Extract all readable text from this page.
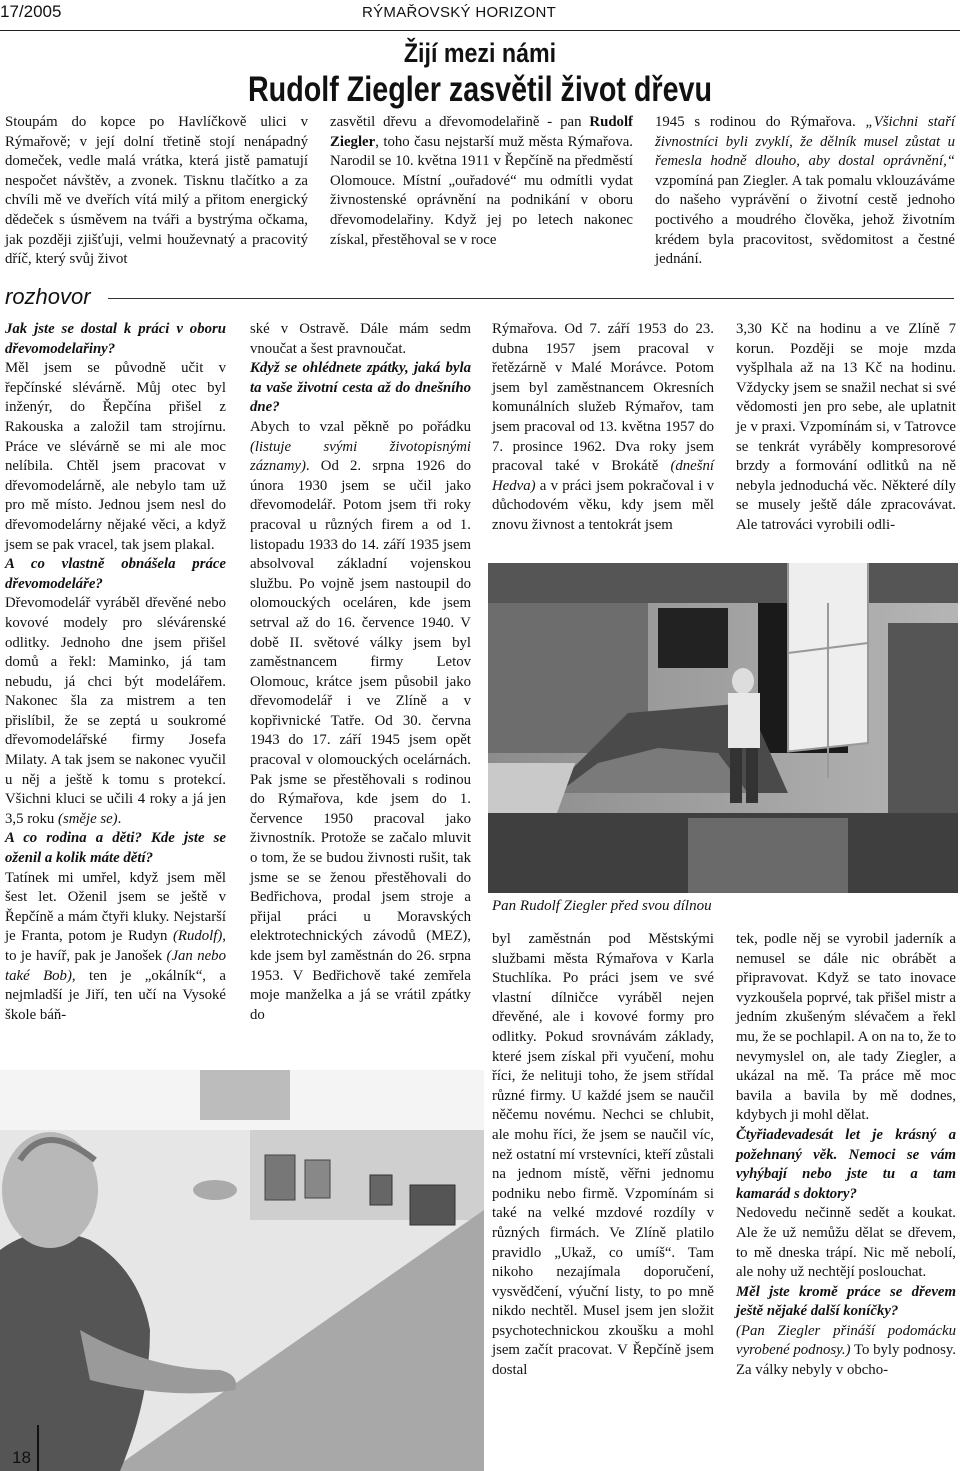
17/2005	RÝMAŘOVSKÝ HORIZONT
Žijí mezi námi
Rudolf Ziegler zasvětil život dřevu

Stoupám do kopce po Havlíčkově ulici v Rýmařově; v její dolní třetině stojí nenápadný domeček, vedle malá vrátka, která jistě pamatují nespočet návštěv, a zvonek. Tisknu tlačítko a za chvíli mě ve dveřích vítá milý a přitom energický dědeček s úsměvem na tváři a bystrýma očkama, jak později zjišťuji, velmi houževnatý a pracovitý dříč, který svůj život

zasvětil dřevu a dřevomodelařině - pan Rudolf Ziegler, toho času nejstarší muž města Rýmařova. Narodil se 10. května 1911 v Řepčíně na předměstí Olomouce. Místní „ouřadové“ mu odmítli vydat živnostenské oprávnění na podnikání v oboru dřevomodelařiny. Když jej po letech nakonec získal, přestěhoval se v roce

1945 s rodinou do Rýmařova. „Všichni staří živnostníci byli zvyklí, že dělník musel zůstat u řemesla hodně dlouho, aby dostal oprávnění,“ vzpomíná pan Ziegler. A tak pomalu vklouzáváme do našeho vyprávění o životní cestě jednoho poctivého a moudrého člověka, jehož životním krédem byla pracovitost, svědomitost a čestné jednání.

rozhovor

Jak jste se dostal k práci v oboru dřevomodelařiny?

Měl jsem se původně učit v řepčínské slévárně. Můj otec byl inženýr, do Řepčína přišel z Rakouska a založil tam strojírnu. Práce ve slévárně se mi ale moc nelíbila. Chtěl jsem pracovat v dřevomodelárně, ale nebylo tam už pro mě místo. Jednou jsem nesl do dřevomodelárny nějaké věci, a když jsem se pak vracel, tak jsem plakal.

A co vlastně obnášela práce dřevomodeláře?

Dřevomodelář vyráběl dřevěné nebo kovové modely pro slévárenské odlitky. Jednoho dne jsem přišel domů a řekl: Maminko, já tam nebudu, já chci být modelářem. Nakonec šla za mistrem a ten přislíbil, že se zeptá u soukromé dřevomodelářské firmy Josefa Milaty. A tak jsem se nakonec vyučil u něj a ještě k tomu s protekcí. Všichni kluci se učili 4 roky a já jen 3,5 roku (směje se).

A co rodina a děti? Kde jste se oženil a kolik máte dětí?

Tatínek mi umřel, když jsem měl šest let. Oženil jsem se ještě v Řepčíně a mám čtyři kluky. Nejstarší je Franta, potom je Rudyn (Rudolf), to je havíř, pak je Janošek (Jan nebo také Bob), ten je „okálník“, a nejmladší je Jiří, ten učí na Vysoké škole báň-

ské v Ostravě. Dále mám sedm vnoučat a šest pravnoučat.

Když se ohlédnete zpátky, jaká byla ta vaše životní cesta až do dnešního dne?

Abych to vzal pěkně po pořádku (listuje svými životopisnými záznamy). Od 2. srpna 1926 do února 1930 jsem se učil jako dřevomodelář. Potom jsem tři roky pracoval u různých firem a od 1. listopadu 1933 do 14. září 1935 jsem absolvoval základní vojenskou službu. Po vojně jsem nastoupil do olomouckých oceláren, kde jsem setrval až do 16. července 1940. V době II. světové války jsem byl zaměstnancem firmy Letov Olomouc, krátce jsem působil jako dřevomodelář i ve Zlíně a v kopřivnické Tatře. Od 30. června 1943 do 17. září 1945 jsem opět pracoval v olomouckých ocelárnách. Pak jsme se přestěhovali s rodinou do Rýmařova, kde jsem do 1. července 1950 pracoval jako živnostník. Protože se začalo mluvit o tom, že se budou živnosti rušit, tak jsme se se ženou přestěhovali do Bedřichova, prodal jsem stroje a přijal práci u Moravských elektrotechnických závodů (MEZ), kde jsem byl zaměstnán do 26. srpna 1953. V Bedřichově také zemřela moje manželka a já se vrátil zpátky do

Rýmařova. Od 7. září 1953 do 23. dubna 1957 jsem pracoval v řetězárně v Malé Morávce. Potom jsem byl zaměstnancem Okresních komunálních služeb Rýmařov, tam jsem pracoval od 13. května 1957 do 7. prosince 1962. Dva roky jsem pracoval také v Brokátě (dnešní Hedva) a v práci jsem pokračoval i v důchodovém věku, kdy jsem měl znovu živnost a tentokrát jsem

3,30 Kč na hodinu a ve Zlíně 7 korun. Později se moje mzda vyšplhala až na 13 Kč na hodinu. Vždycky jsem se snažil nechat si své vědomosti jen pro sebe, ale uplatnit je v praxi. Vzpomínám si, v Tatrovce se tenkrát vyráběly kompresorové brzdy a formování odlitků na ně nebyla jednoduchá věc. Některé díly se musely ještě dále zpracovávat. Ale tatrováci vyrobili odli-

Pan Rudolf Ziegler před svou dílnou

byl zaměstnán pod Městskými službami města Rýmařova v Karla Stuchlíka. Po práci jsem ve své vlastní dílničce vyráběl nejen dřevěné, ale i kovové formy pro odlitky. Pokud srovnávám základy, které jsem získal při vyučení, mohu říci, že nelituji toho, že jsem střídal různé firmy. U každé jsem se naučil něčemu novému. Nechci se chlubit, ale mohu říci, že jsem se naučil víc, než ostatní mí vrstevníci, kteří zůstali na jednom místě, věřni jednomu podniku nebo firmě. Vzpomínám si také na velké mzdové rozdíly v různých firmách. Ve Zlíně platilo pravidlo „Ukaž, co umíš“. Tam nikoho nezajímala doporučení, vysvědčení, výuční listy, to po mně nikdo nechtěl. Musel jsem jen složit psychotechnickou zkoušku a mohl jsem začít pracovat. V Řepčíně jsem dostal

tek, podle něj se vyrobil jaderník a nemusel se dále nic obrábět a připravovat. Když se tato inovace vyzkoušela poprvé, tak přišel mistr a jedním zkušeným slévačem a řekl mu, že se pochlapil. A on na to, že to nevymyslel on, ale tady Ziegler, a ukázal na mě. Ta práce mě moc bavila a bavila by mě dodnes, kdybych ji mohl dělat.

Čtyřiadevadesát let je krásný a požehnaný věk. Nemoci se vám vyhýbají nebo jste tu a tam kamarád s doktory?

Nedovedu nečinně sedět a koukat. Ale že už nemůžu dělat se dřevem, to mě dneska trápí. Nic mě nebolí, ale nohy už nechtějí poslouchat.

Měl jste kromě práce se dřevem ještě nějaké další koníčky?

(Pan Ziegler přináší podomácku vyrobené podnosy.) To byly podnosy. Za války nebyly v obcho-

18
